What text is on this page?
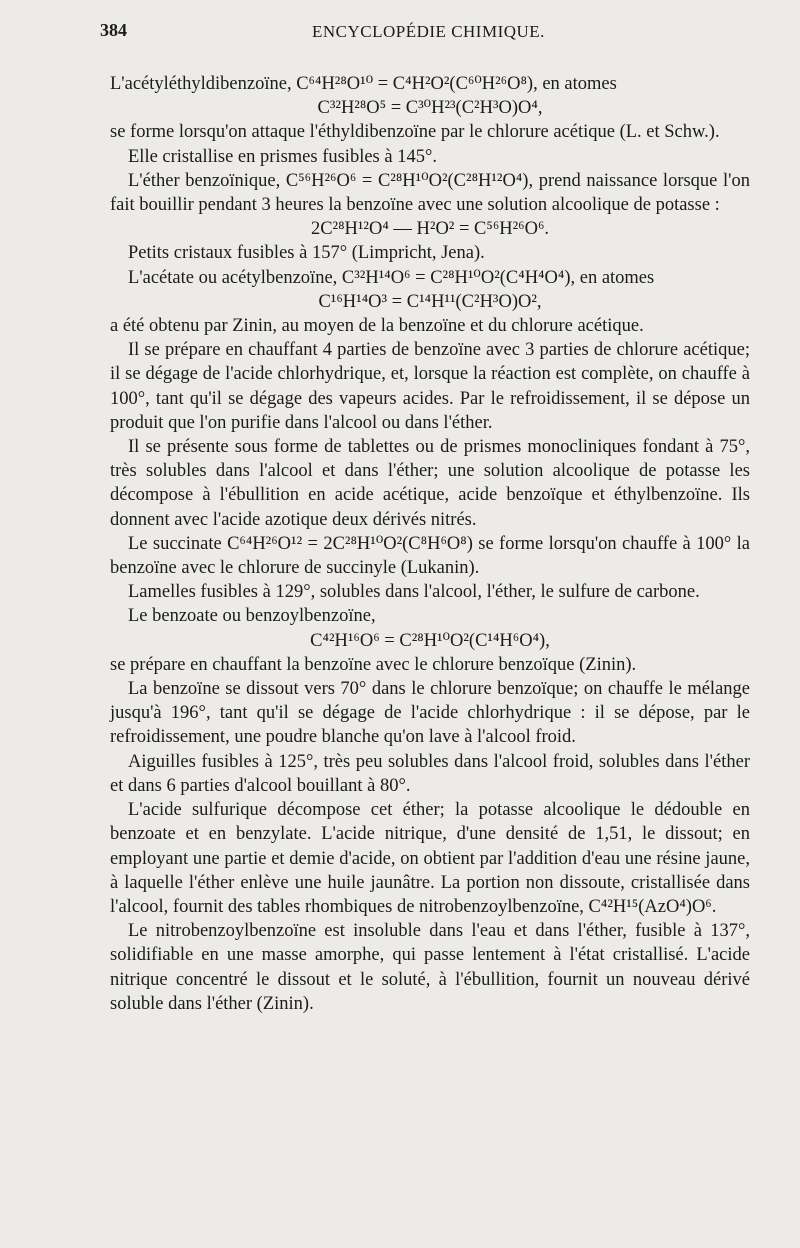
384	ENCYCLOPÉDIE CHIMIQUE.

L'acétyléthyldibenzoïne, C⁶⁴H²⁸O¹⁰ = C⁴H²O²(C⁶⁰H²⁶O⁸), en atomes

C³²H²⁸O⁵ = C³⁰H²³(C²H³O)O⁴,

se forme lorsqu'on attaque l'éthyldibenzoïne par le chlorure acétique (L. et Schw.).

Elle cristallise en prismes fusibles à 145°.

L'éther benzoïnique, C⁵⁶H²⁶O⁶ = C²⁸H¹⁰O²(C²⁸H¹²O⁴), prend naissance lorsque l'on fait bouillir pendant 3 heures la benzoïne avec une solution alcoolique de potasse :

2C²⁸H¹²O⁴ — H²O² = C⁵⁶H²⁶O⁶.

Petits cristaux fusibles à 157° (Limpricht, Jena).

L'acétate ou acétylbenzoïne, C³²H¹⁴O⁶ = C²⁸H¹⁰O²(C⁴H⁴O⁴), en atomes

C¹⁶H¹⁴O³ = C¹⁴H¹¹(C²H³O)O²,

a été obtenu par Zinin, au moyen de la benzoïne et du chlorure acétique.

Il se prépare en chauffant 4 parties de benzoïne avec 3 parties de chlorure acétique; il se dégage de l'acide chlorhydrique, et, lorsque la réaction est complète, on chauffe à 100°, tant qu'il se dégage des vapeurs acides. Par le refroidissement, il se dépose un produit que l'on purifie dans l'alcool ou dans l'éther.

Il se présente sous forme de tablettes ou de prismes monocliniques fondant à 75°, très solubles dans l'alcool et dans l'éther; une solution alcoolique de potasse les décompose à l'ébullition en acide acétique, acide benzoïque et éthylbenzoïne. Ils donnent avec l'acide azotique deux dérivés nitrés.

Le succinate C⁶⁴H²⁶O¹² = 2C²⁸H¹⁰O²(C⁸H⁶O⁸) se forme lorsqu'on chauffe à 100° la benzoïne avec le chlorure de succinyle (Lukanin).

Lamelles fusibles à 129°, solubles dans l'alcool, l'éther, le sulfure de carbone.

Le benzoate ou benzoylbenzoïne,

C⁴²H¹⁶O⁶ = C²⁸H¹⁰O²(C¹⁴H⁶O⁴),

se prépare en chauffant la benzoïne avec le chlorure benzoïque (Zinin).

La benzoïne se dissout vers 70° dans le chlorure benzoïque; on chauffe le mélange jusqu'à 196°, tant qu'il se dégage de l'acide chlorhydrique : il se dépose, par le refroidissement, une poudre blanche qu'on lave à l'alcool froid.

Aiguilles fusibles à 125°, très peu solubles dans l'alcool froid, solubles dans l'éther et dans 6 parties d'alcool bouillant à 80°.

L'acide sulfurique décompose cet éther; la potasse alcoolique le dédouble en benzoate et en benzylate. L'acide nitrique, d'une densité de 1,51, le dissout; en employant une partie et demie d'acide, on obtient par l'addition d'eau une résine jaune, à laquelle l'éther enlève une huile jaunâtre. La portion non dissoute, cristallisée dans l'alcool, fournit des tables rhombiques de nitrobenzoylbenzoïne, C⁴²H¹⁵(AzO⁴)O⁶.

Le nitrobenzoylbenzoïne est insoluble dans l'eau et dans l'éther, fusible à 137°, solidifiable en une masse amorphe, qui passe lentement à l'état cristallisé. L'acide nitrique concentré le dissout et le soluté, à l'ébullition, fournit un nouveau dérivé soluble dans l'éther (Zinin).
